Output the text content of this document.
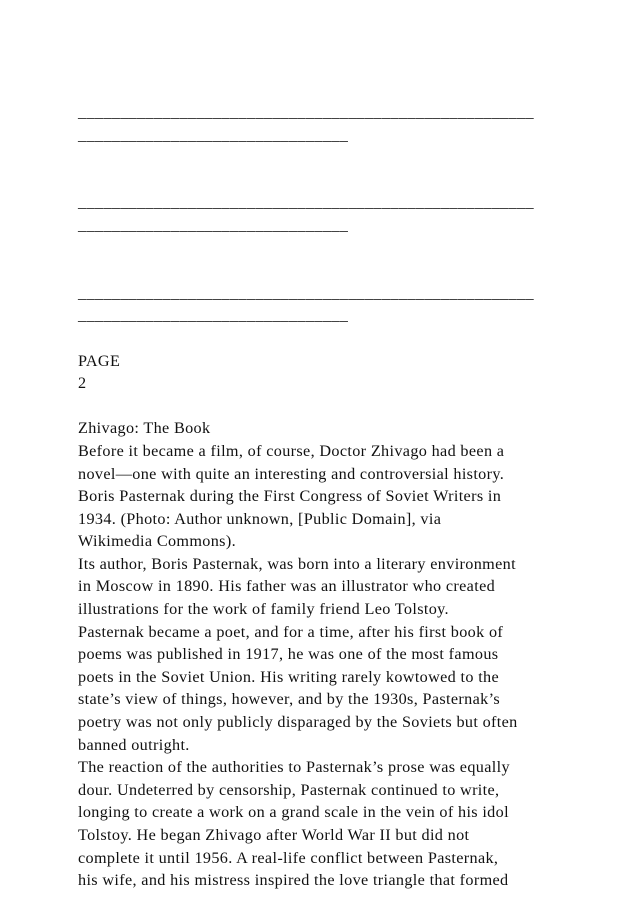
______________________________________________________
________________________________
______________________________________________________
________________________________
______________________________________________________
________________________________
PAGE
2
Zhivago: The Book
Before it became a film, of course, Doctor Zhivago had been a
novel—one with quite an interesting and controversial history.
Boris Pasternak during the First Congress of Soviet Writers in
1934. (Photo: Author unknown, [Public Domain], via
Wikimedia Commons).
Its author, Boris Pasternak, was born into a literary environment
in Moscow in 1890. His father was an illustrator who created
illustrations for the work of family friend Leo Tolstoy.
Pasternak became a poet, and for a time, after his first book of
poems was published in 1917, he was one of the most famous
poets in the Soviet Union. His writing rarely kowtowed to the
state’s view of things, however, and by the 1930s, Pasternak’s
poetry was not only publicly disparaged by the Soviets but often
banned outright.
The reaction of the authorities to Pasternak’s prose was equally
dour. Undeterred by censorship, Pasternak continued to write,
longing to create a work on a grand scale in the vein of his idol
Tolstoy. He began Zhivago after World War II but did not
complete it until 1956. A real-life conflict between Pasternak,
his wife, and his mistress inspired the love triangle that formed
